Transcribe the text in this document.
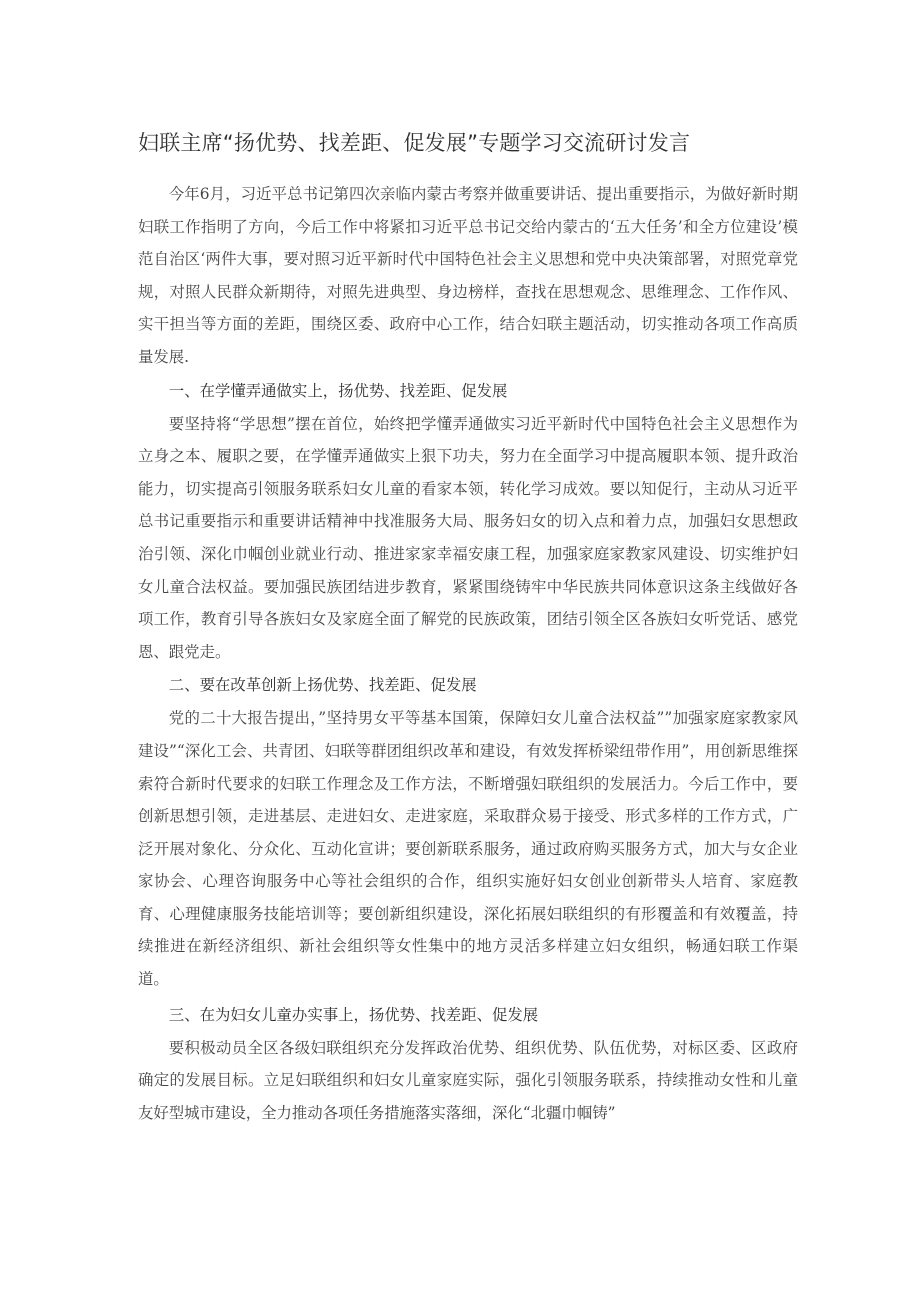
妇联主席“扬优势、找差距、促发展”专题学习交流研讨发言

今年6月，习近平总书记第四次亲临内蒙古考察并做重要讲话、提出重要指示，为做好新时期妇联工作指明了方向，今后工作中将紧扣习近平总书记交给内蒙古的‘五大任务’和全方位建设’模范自治区‘两件大事，要对照习近平新时代中国特色社会主义思想和党中央决策部署，对照党章党规，对照人民群众新期待，对照先进典型、身边榜样，查找在思想观念、思维理念、工作作风、实干担当等方面的差距，围绕区委、政府中心工作，结合妇联主题活动，切实推动各项工作高质量发展.

一、在学懂弄通做实上，扬优势、找差距、促发展

要坚持将“学思想”摆在首位，始终把学懂弄通做实习近平新时代中国特色社会主义思想作为立身之本、履职之要，在学懂弄通做实上狠下功夫，努力在全面学习中提高履职本领、提升政治能力，切实提高引领服务联系妇女儿童的看家本领，转化学习成效。要以知促行，主动从习近平总书记重要指示和重要讲话精神中找准服务大局、服务妇女的切入点和着力点，加强妇女思想政治引领、深化巾帼创业就业行动、推进家家幸福安康工程，加强家庭家教家风建设、切实维护妇女儿童合法权益。要加强民族团结进步教育，紧紧围绕铸牢中华民族共同体意识这条主线做好各项工作，教育引导各族妇女及家庭全面了解党的民族政策，团结引领全区各族妇女听党话、感党恩、跟党走。

二、要在改革创新上扬优势、找差距、促发展

党的二十大报告提出，”坚持男女平等基本国策，保障妇女儿童合法权益””加强家庭家教家风建设”“深化工会、共青团、妇联等群团组织改革和建设，有效发挥桥梁纽带作用”，用创新思维探索符合新时代要求的妇联工作理念及工作方法，不断增强妇联组织的发展活力。今后工作中，要创新思想引领，走进基层、走进妇女、走进家庭，采取群众易于接受、形式多样的工作方式，广泛开展对象化、分众化、互动化宣讲；要创新联系服务，通过政府购买服务方式，加大与女企业家协会、心理咨询服务中心等社会组织的合作，组织实施好妇女创业创新带头人培育、家庭教育、心理健康服务技能培训等；要创新组织建设，深化拓展妇联组织的有形覆盖和有效覆盖，持续推进在新经济组织、新社会组织等女性集中的地方灵活多样建立妇女组织，畅通妇联工作渠道。

三、在为妇女儿童办实事上，扬优势、找差距、促发展

要积极动员全区各级妇联组织充分发挥政治优势、组织优势、队伍优势，对标区委、区政府确定的发展目标。立足妇联组织和妇女儿童家庭实际，强化引领服务联系，持续推动女性和儿童友好型城市建设，全力推动各项任务措施落实落细，深化“北疆巾帼铸”
